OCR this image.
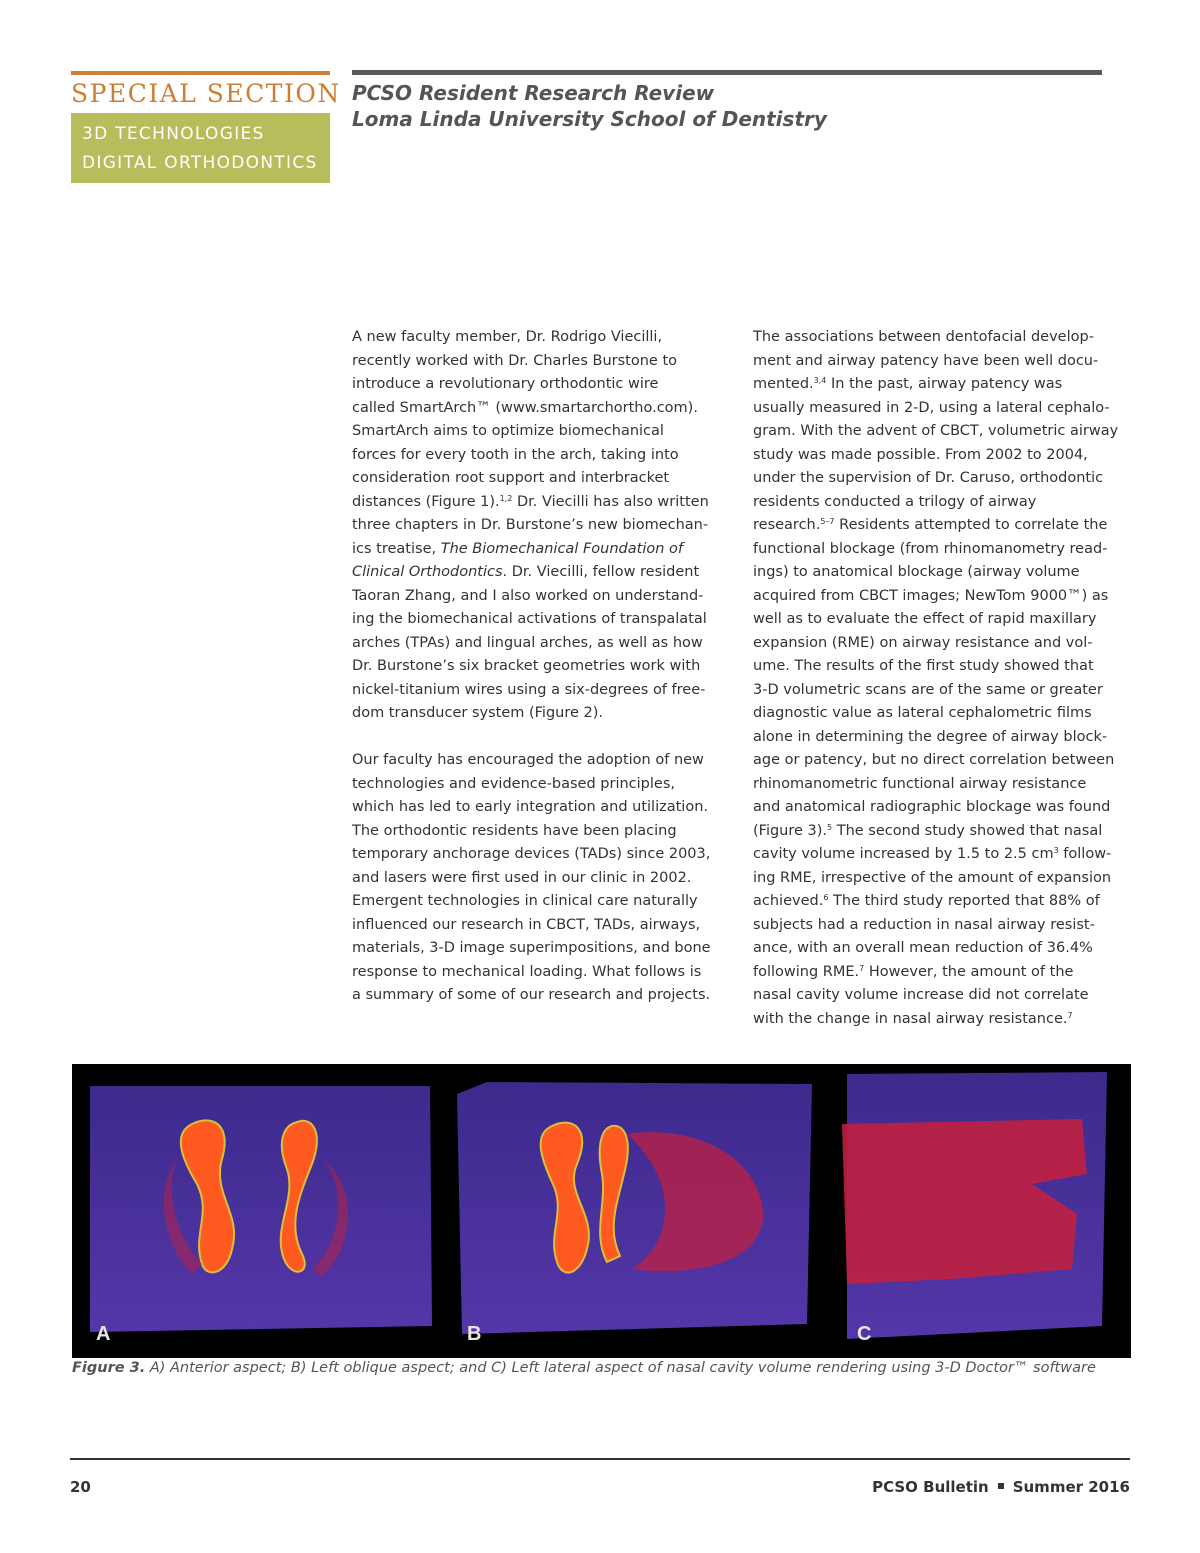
SPECIAL SECTION
3D TECHNOLOGIES
DIGITAL ORTHODONTICS
PCSO Resident Research Review
Loma Linda University School of Dentistry
A new faculty member, Dr. Rodrigo Viecilli,
recently worked with Dr. Charles Burstone to
introduce a revolutionary orthodontic wire
called SmartArch™ (www.smartarchortho.com).
SmartArch aims to optimize biomechanical
forces for every tooth in the arch, taking into
consideration root support and interbracket
distances (Figure 1).$^{1,2}$ Dr. Viecilli has also written
three chapters in Dr. Burstone’s new biomechan-
ics treatise, The Biomechanical Foundation of
Clinical Orthodontics. Dr. Viecilli, fellow resident
Taoran Zhang, and I also worked on understand-
ing the biomechanical activations of transpalatal
arches (TPAs) and lingual arches, as well as how
Dr. Burstone’s six bracket geometries work with
nickel-titanium wires using a six-degrees of free-
dom transducer system (Figure 2).
Our faculty has encouraged the adoption of new
technologies and evidence-based principles,
which has led to early integration and utilization.
The orthodontic residents have been placing
temporary anchorage devices (TADs) since 2003,
and lasers were first used in our clinic in 2002.
Emergent technologies in clinical care naturally
influenced our research in CBCT, TADs, airways,
materials, 3-D image superimpositions, and bone
response to mechanical loading. What follows is
a summary of some of our research and projects.
The associations between dentofacial develop-
ment and airway patency have been well docu-
mented.$^{3,4}$ In the past, airway patency was
usually measured in 2-D, using a lateral cephalo-
gram. With the advent of CBCT, volumetric airway
study was made possible. From 2002 to 2004,
under the supervision of Dr. Caruso, orthodontic
residents conducted a trilogy of airway
research.$^{5-7}$ Residents attempted to correlate the
functional blockage (from rhinomanometry read-
ings) to anatomical blockage (airway volume
acquired from CBCT images; NewTom 9000™) as
well as to evaluate the effect of rapid maxillary
expansion (RME) on airway resistance and vol-
ume. The results of the first study showed that
3-D volumetric scans are of the same or greater
diagnostic value as lateral cephalometric films
alone in determining the degree of airway block-
age or patency, but no direct correlation between
rhinomanometric functional airway resistance
and anatomical radiographic blockage was found
(Figure 3).$^5$ The second study showed that nasal
cavity volume increased by 1.5 to 2.5 $cm^3$ follow-
ing RME, irrespective of the amount of expansion
achieved.$^6$ The third study reported that 88% of
subjects had a reduction in nasal airway resist-
ance, with an overall mean reduction of 36.4%
following RME.$^7$ However, the amount of the
nasal cavity volume increase did not correlate
with the change in nasal airway resistance.$^7$
A	B	C
Figure 3. A) Anterior aspect; B) Left oblique aspect; and C) Left lateral aspect of nasal cavity volume rendering using 3-D Doctor™ software
20	PCSO Bulletin Summer 2016
